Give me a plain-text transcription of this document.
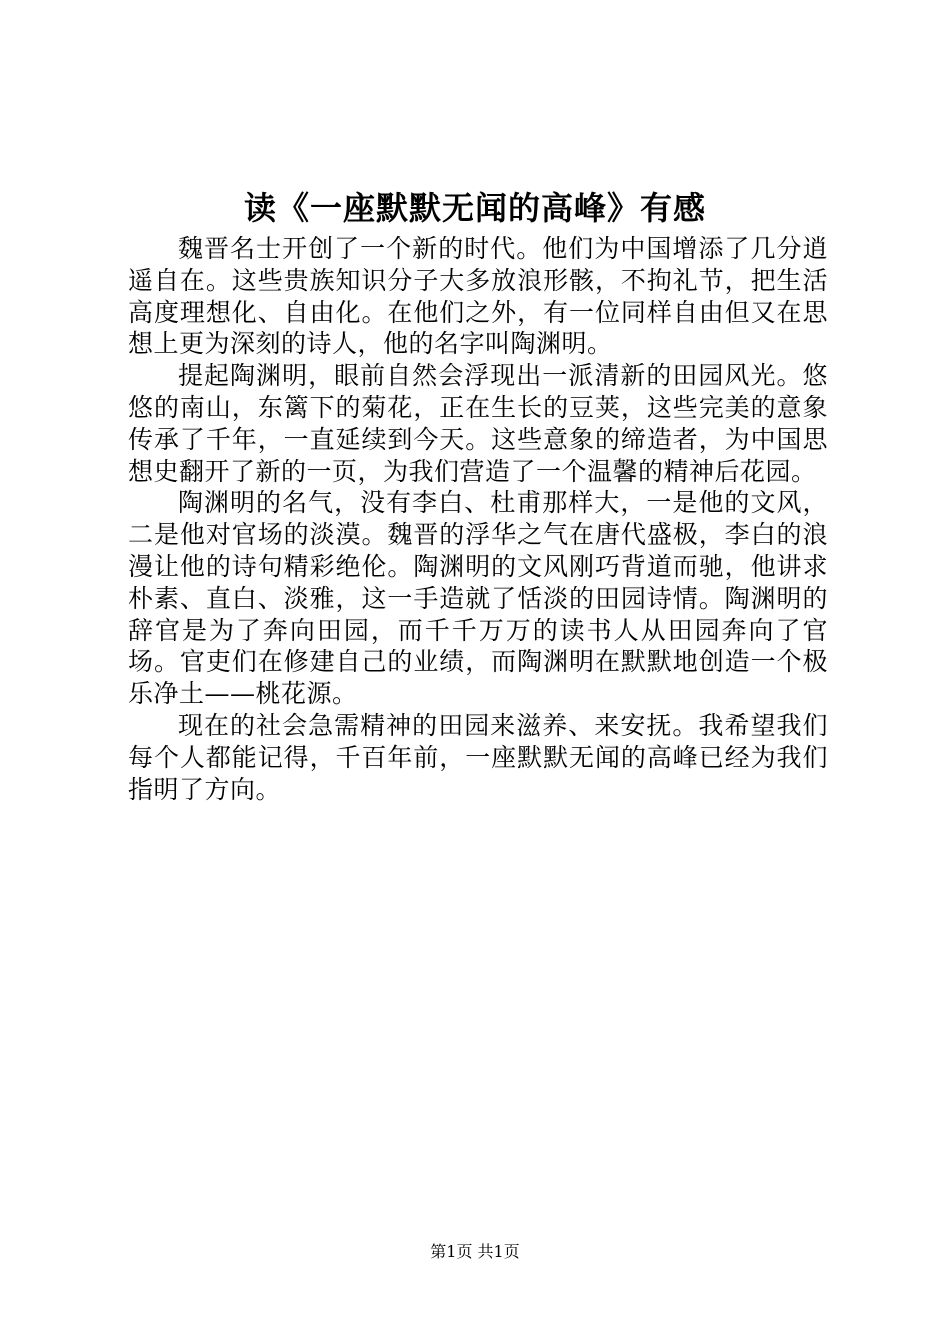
读《一座默默无闻的高峰》有感

魏晋名士开创了一个新的时代。他们为中国增添了几分逍遥自在。这些贵族知识分子大多放浪形骸，不拘礼节，把生活高度理想化、自由化。在他们之外，有一位同样自由但又在思想上更为深刻的诗人，他的名字叫陶渊明。

提起陶渊明，眼前自然会浮现出一派清新的田园风光。悠悠的南山，东篱下的菊花，正在生长的豆荚，这些完美的意象传承了千年，一直延续到今天。这些意象的缔造者，为中国思想史翻开了新的一页，为我们营造了一个温馨的精神后花园。

陶渊明的名气，没有李白、杜甫那样大，一是他的文风，二是他对官场的淡漠。魏晋的浮华之气在唐代盛极，李白的浪漫让他的诗句精彩绝伦。陶渊明的文风刚巧背道而驰，他讲求朴素、直白、淡雅，这一手造就了恬淡的田园诗情。陶渊明的辞官是为了奔向田园，而千千万万的读书人从田园奔向了官场。官吏们在修建自己的业绩，而陶渊明在默默地创造一个极乐净土——桃花源。

现在的社会急需精神的田园来滋养、来安抚。我希望我们每个人都能记得，千百年前，一座默默无闻的高峰已经为我们指明了方向。

第1页 共1页
